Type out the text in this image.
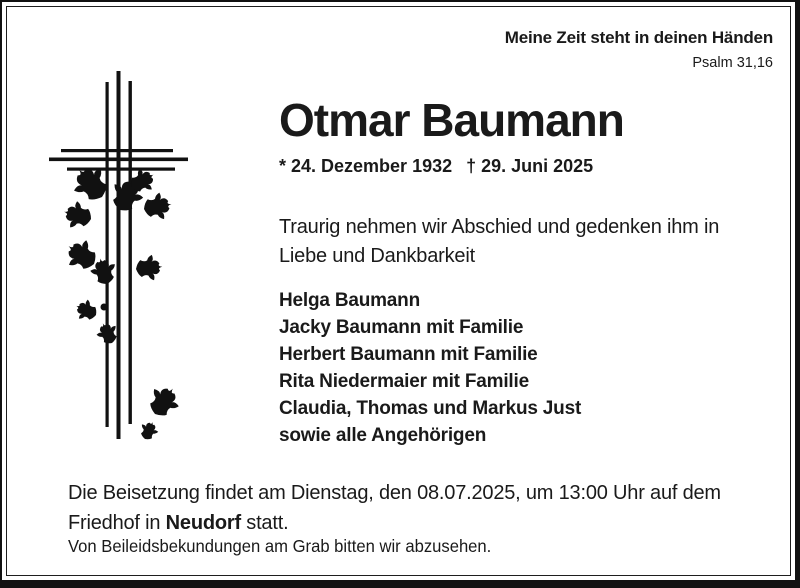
Meine Zeit steht in deinen Händen
Psalm 31,16
Otmar Baumann
* 24. Dezember 1932 † 29. Juni 2025

Traurig nehmen wir Abschied und gedenken ihm in Liebe und Dankbarkeit

Helga Baumann
Jacky Baumann mit Familie
Herbert Baumann mit Familie
Rita Niedermaier mit Familie
Claudia, Thomas und Markus Just
sowie alle Angehörigen
Die Beisetzung findet am Dienstag, den 08.07.2025, um 13:00 Uhr auf dem Friedhof in Neudorf statt.
Von Beileidsbekundungen am Grab bitten wir abzusehen.
